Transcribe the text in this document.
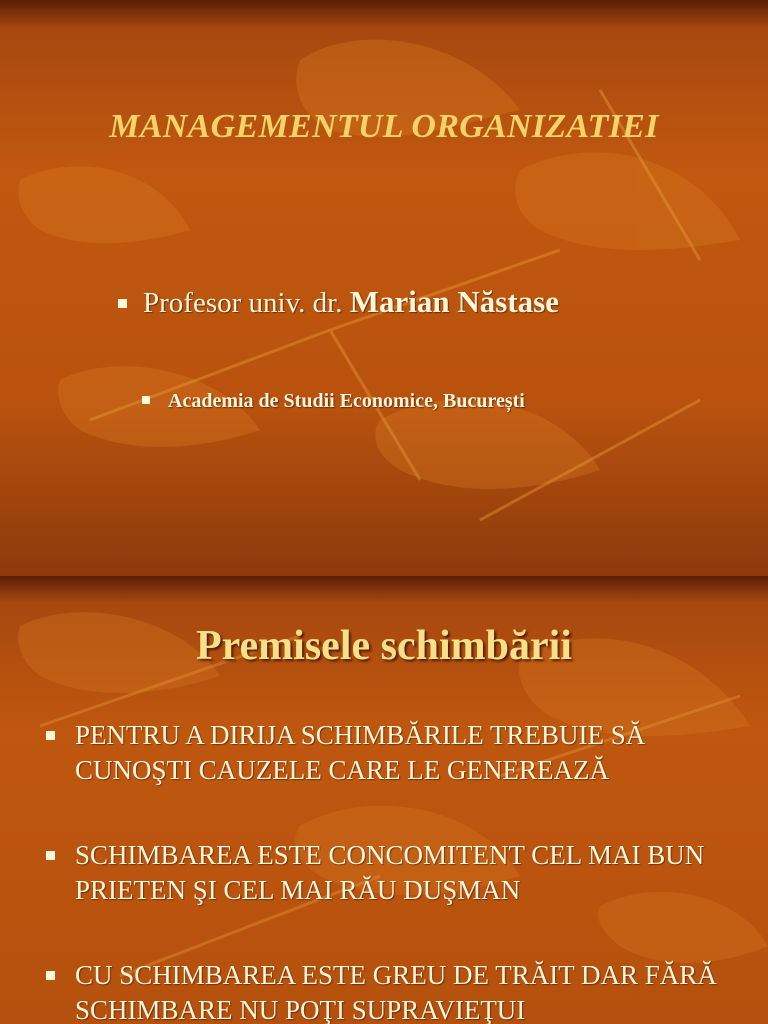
MANAGEMENTUL ORGANIZATIEI
Profesor univ. dr. Marian Năstase
Academia de Studii Economice, București
Premisele schimbării
PENTRU A DIRIJA SCHIMBĂRILE TREBUIE SĂ CUNOŞTI CAUZELE CARE LE GENEREAZĂ
SCHIMBAREA ESTE CONCOMITENT CEL MAI BUN PRIETEN ŞI CEL MAI RĂU DUŞMAN
CU SCHIMBAREA ESTE GREU DE TRĂIT DAR FĂRĂ SCHIMBARE NU POŢI SUPRAVIEŢUI
